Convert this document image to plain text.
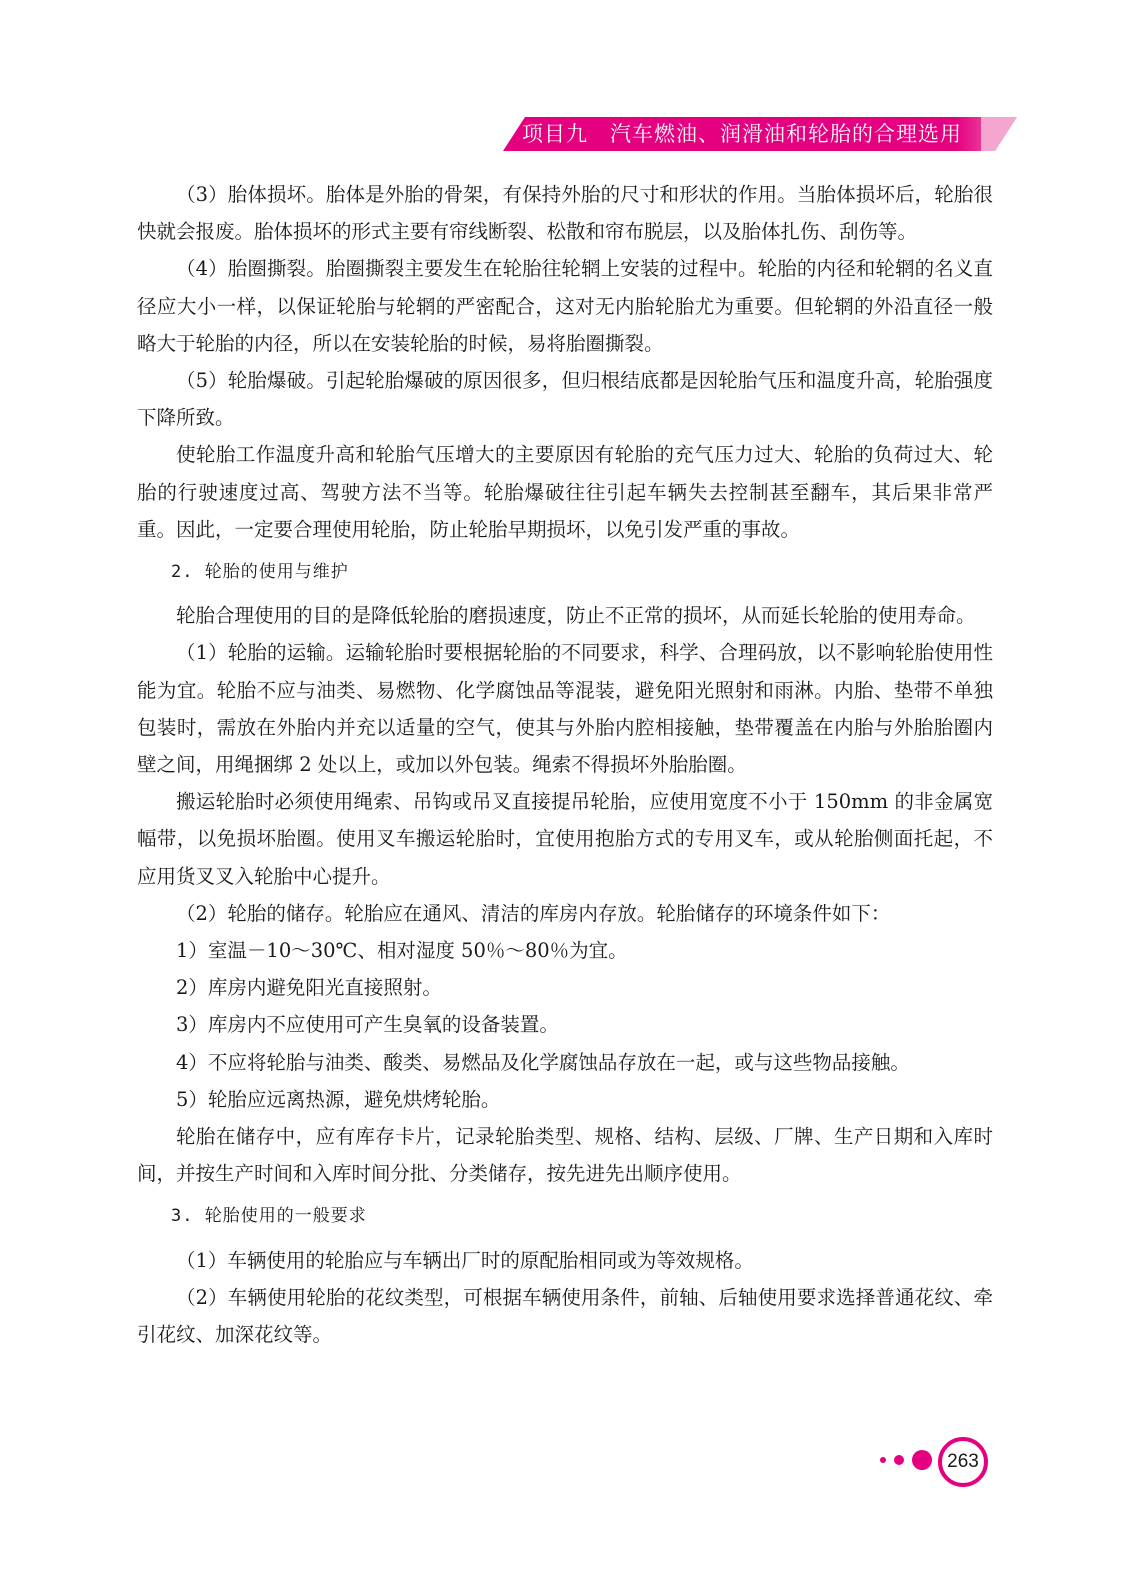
项目九　汽车燃油、润滑油和轮胎的合理选用

（3）胎体损坏。胎体是外胎的骨架，有保持外胎的尺寸和形状的作用。当胎体损坏后，轮胎很快就会报废。胎体损坏的形式主要有帘线断裂、松散和帘布脱层，以及胎体扎伤、刮伤等。

（4）胎圈撕裂。胎圈撕裂主要发生在轮胎往轮辋上安装的过程中。轮胎的内径和轮辋的名义直径应大小一样，以保证轮胎与轮辋的严密配合，这对无内胎轮胎尤为重要。但轮辋的外沿直径一般略大于轮胎的内径，所以在安装轮胎的时候，易将胎圈撕裂。

（5）轮胎爆破。引起轮胎爆破的原因很多，但归根结底都是因轮胎气压和温度升高，轮胎强度下降所致。

使轮胎工作温度升高和轮胎气压增大的主要原因有轮胎的充气压力过大、轮胎的负荷过大、轮胎的行驶速度过高、驾驶方法不当等。轮胎爆破往往引起车辆失去控制甚至翻车，其后果非常严重。因此，一定要合理使用轮胎，防止轮胎早期损坏，以免引发严重的事故。

2. 轮胎的使用与维护

轮胎合理使用的目的是降低轮胎的磨损速度，防止不正常的损坏，从而延长轮胎的使用寿命。

（1）轮胎的运输。运输轮胎时要根据轮胎的不同要求，科学、合理码放，以不影响轮胎使用性能为宜。轮胎不应与油类、易燃物、化学腐蚀品等混装，避免阳光照射和雨淋。内胎、垫带不单独包装时，需放在外胎内并充以适量的空气，使其与外胎内腔相接触，垫带覆盖在内胎与外胎胎圈内壁之间，用绳捆绑 2 处以上，或加以外包装。绳索不得损坏外胎胎圈。

搬运轮胎时必须使用绳索、吊钩或吊叉直接提吊轮胎，应使用宽度不小于 150mm 的非金属宽幅带，以免损坏胎圈。使用叉车搬运轮胎时，宜使用抱胎方式的专用叉车，或从轮胎侧面托起，不应用货叉叉入轮胎中心提升。

（2）轮胎的储存。轮胎应在通风、清洁的库房内存放。轮胎储存的环境条件如下：

1）室温－10～30℃、相对湿度 50％～80％为宜。

2）库房内避免阳光直接照射。

3）库房内不应使用可产生臭氧的设备装置。

4）不应将轮胎与油类、酸类、易燃品及化学腐蚀品存放在一起，或与这些物品接触。

5）轮胎应远离热源，避免烘烤轮胎。

轮胎在储存中，应有库存卡片，记录轮胎类型、规格、结构、层级、厂牌、生产日期和入库时间，并按生产时间和入库时间分批、分类储存，按先进先出顺序使用。

3. 轮胎使用的一般要求

（1）车辆使用的轮胎应与车辆出厂时的原配胎相同或为等效规格。

（2）车辆使用轮胎的花纹类型，可根据车辆使用条件，前轴、后轴使用要求选择普通花纹、牵引花纹、加深花纹等。

263
